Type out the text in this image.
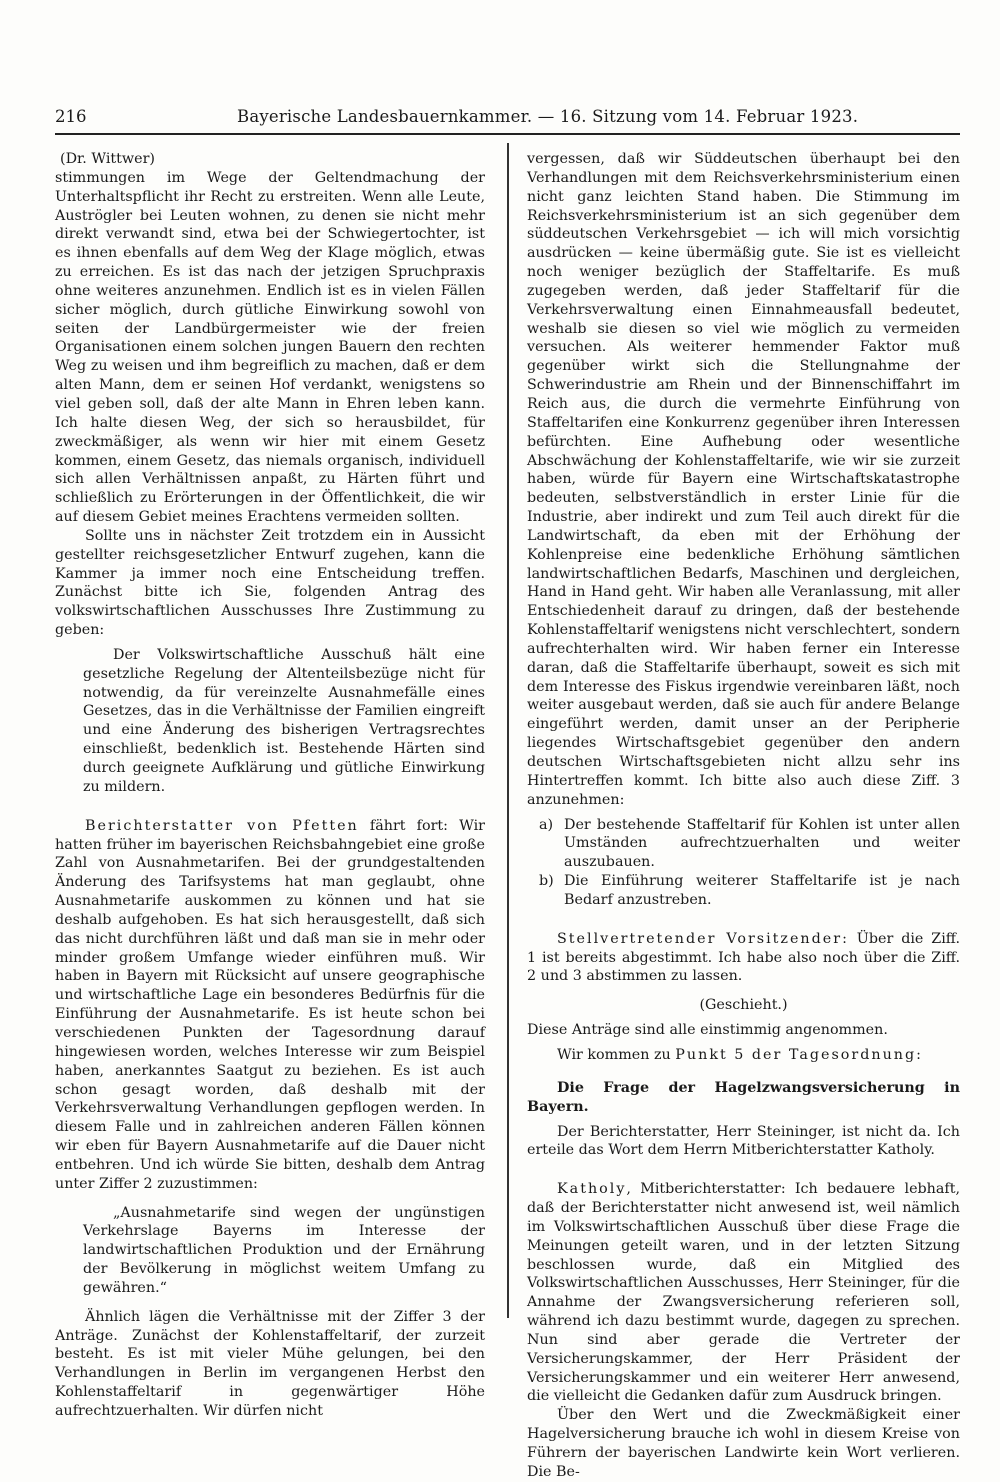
216	Bayerische Landesbauernkammer. — 16. Sitzung vom 14. Februar 1923.

(Dr. Wittwer)

stimmungen im Wege der Geltendmachung der Unterhaltspflicht ihr Recht zu erstreiten. Wenn alle Leute, Auströgler bei Leuten wohnen, zu denen sie nicht mehr direkt verwandt sind, etwa bei der Schwiegertochter, ist es ihnen ebenfalls auf dem Weg der Klage möglich, etwas zu erreichen. Es ist das nach der jetzigen Spruchpraxis ohne weiteres anzunehmen. Endlich ist es in vielen Fällen sicher möglich, durch gütliche Einwirkung sowohl von seiten der Landbürgermeister wie der freien Organisationen einem solchen jungen Bauern den rechten Weg zu weisen und ihm begreiflich zu machen, daß er dem alten Mann, dem er seinen Hof verdankt, wenigstens so viel geben soll, daß der alte Mann in Ehren leben kann. Ich halte diesen Weg, der sich so herausbildet, für zweckmäßiger, als wenn wir hier mit einem Gesetz kommen, einem Gesetz, das niemals organisch, individuell sich allen Verhältnissen anpaßt, zu Härten führt und schließlich zu Erörterungen in der Öffentlichkeit, die wir auf diesem Gebiet meines Erachtens vermeiden sollten.

Sollte uns in nächster Zeit trotzdem ein in Aussicht gestellter reichsgesetzlicher Entwurf zugehen, kann die Kammer ja immer noch eine Entscheidung treffen. Zunächst bitte ich Sie, folgenden Antrag des volkswirtschaftlichen Ausschusses Ihre Zustimmung zu geben:

Der Volkswirtschaftliche Ausschuß hält eine gesetzliche Regelung der Altenteilsbezüge nicht für notwendig, da für vereinzelte Ausnahmefälle eines Gesetzes, das in die Verhältnisse der Familien eingreift und eine Änderung des bisherigen Vertragsrechtes einschließt, bedenklich ist. Bestehende Härten sind durch geeignete Aufklärung und gütliche Einwirkung zu mildern.

Berichterstatter von Pfetten fährt fort: Wir hatten früher im bayerischen Reichsbahngebiet eine große Zahl von Ausnahmetarifen. Bei der grundgestaltenden Änderung des Tarifsystems hat man geglaubt, ohne Ausnahmetarife auskommen zu können und hat sie deshalb aufgehoben. Es hat sich herausgestellt, daß sich das nicht durchführen läßt und daß man sie in mehr oder minder großem Umfange wieder einführen muß. Wir haben in Bayern mit Rücksicht auf unsere geographische und wirtschaftliche Lage ein besonderes Bedürfnis für die Einführung der Ausnahmetarife. Es ist heute schon bei verschiedenen Punkten der Tagesordnung darauf hingewiesen worden, welches Interesse wir zum Beispiel haben, anerkanntes Saatgut zu beziehen. Es ist auch schon gesagt worden, daß deshalb mit der Verkehrsverwaltung Verhandlungen gepflogen werden. In diesem Falle und in zahlreichen anderen Fällen können wir eben für Bayern Ausnahmetarife auf die Dauer nicht entbehren. Und ich würde Sie bitten, deshalb dem Antrag unter Ziffer 2 zuzustimmen:

„Ausnahmetarife sind wegen der ungünstigen Verkehrslage Bayerns im Interesse der landwirtschaftlichen Produktion und der Ernährung der Bevölkerung in möglichst weitem Umfang zu gewähren.“

Ähnlich lägen die Verhältnisse mit der Ziffer 3 der Anträge. Zunächst der Kohlenstaffeltarif, der zurzeit besteht. Es ist mit vieler Mühe gelungen, bei den Verhandlungen in Berlin im vergangenen Herbst den Kohlenstaffeltarif in gegenwärtiger Höhe aufrechtzuerhalten. Wir dürfen nicht

vergessen, daß wir Süddeutschen überhaupt bei den Verhandlungen mit dem Reichsverkehrsministerium einen nicht ganz leichten Stand haben. Die Stimmung im Reichsverkehrsministerium ist an sich gegenüber dem süddeutschen Verkehrsgebiet — ich will mich vorsichtig ausdrücken — keine übermäßig gute. Sie ist es vielleicht noch weniger bezüglich der Staffeltarife. Es muß zugegeben werden, daß jeder Staffeltarif für die Verkehrsverwaltung einen Einnahmeausfall bedeutet, weshalb sie diesen so viel wie möglich zu vermeiden versuchen. Als weiterer hemmender Faktor muß gegenüber wirkt sich die Stellungnahme der Schwerindustrie am Rhein und der Binnenschiffahrt im Reich aus, die durch die vermehrte Einführung von Staffeltarifen eine Konkurrenz gegenüber ihren Interessen befürchten. Eine Aufhebung oder wesentliche Abschwächung der Kohlenstaffeltarife, wie wir sie zurzeit haben, würde für Bayern eine Wirtschaftskatastrophe bedeuten, selbstverständlich in erster Linie für die Industrie, aber indirekt und zum Teil auch direkt für die Landwirtschaft, da eben mit der Erhöhung der Kohlenpreise eine bedenkliche Erhöhung sämtlichen landwirtschaftlichen Bedarfs, Maschinen und dergleichen, Hand in Hand geht. Wir haben alle Veranlassung, mit aller Entschiedenheit darauf zu dringen, daß der bestehende Kohlenstaffeltarif wenigstens nicht verschlechtert, sondern aufrechterhalten wird. Wir haben ferner ein Interesse daran, daß die Staffeltarife überhaupt, soweit es sich mit dem Interesse des Fiskus irgendwie vereinbaren läßt, noch weiter ausgebaut werden, daß sie auch für andere Belange eingeführt werden, damit unser an der Peripherie liegendes Wirtschaftsgebiet gegenüber den andern deutschen Wirtschaftsgebieten nicht allzu sehr ins Hintertreffen kommt. Ich bitte also auch diese Ziff. 3 anzunehmen:

a) Der bestehende Staffeltarif für Kohlen ist unter allen Umständen aufrechtzuerhalten und weiter auszubauen.
b) Die Einführung weiterer Staffeltarife ist je nach Bedarf anzustreben.

Stellvertretender Vorsitzender: Über die Ziff. 1 ist bereits abgestimmt. Ich habe also noch über die Ziff. 2 und 3 abstimmen zu lassen.

(Geschieht.)

Diese Anträge sind alle einstimmig angenommen.

Wir kommen zu Punkt 5 der Tagesordnung:

Die Frage der Hagelzwangsversicherung in Bayern.

Der Berichterstatter, Herr Steininger, ist nicht da. Ich erteile das Wort dem Herrn Mitberichterstatter Katholy.

Katholy, Mitberichterstatter: Ich bedauere lebhaft, daß der Berichterstatter nicht anwesend ist, weil nämlich im Volkswirtschaftlichen Ausschuß über diese Frage die Meinungen geteilt waren, und in der letzten Sitzung beschlossen wurde, daß ein Mitglied des Volkswirtschaftlichen Ausschusses, Herr Steininger, für die Annahme der Zwangsversicherung referieren soll, während ich dazu bestimmt wurde, dagegen zu sprechen. Nun sind aber gerade die Vertreter der Versicherungskammer, der Herr Präsident der Versicherungskammer und ein weiterer Herr anwesend, die vielleicht die Gedanken dafür zum Ausdruck bringen.

Über den Wert und die Zweckmäßigkeit einer Hagelversicherung brauche ich wohl in diesem Kreise von Führern der bayerischen Landwirte kein Wort verlieren. Die Be-
